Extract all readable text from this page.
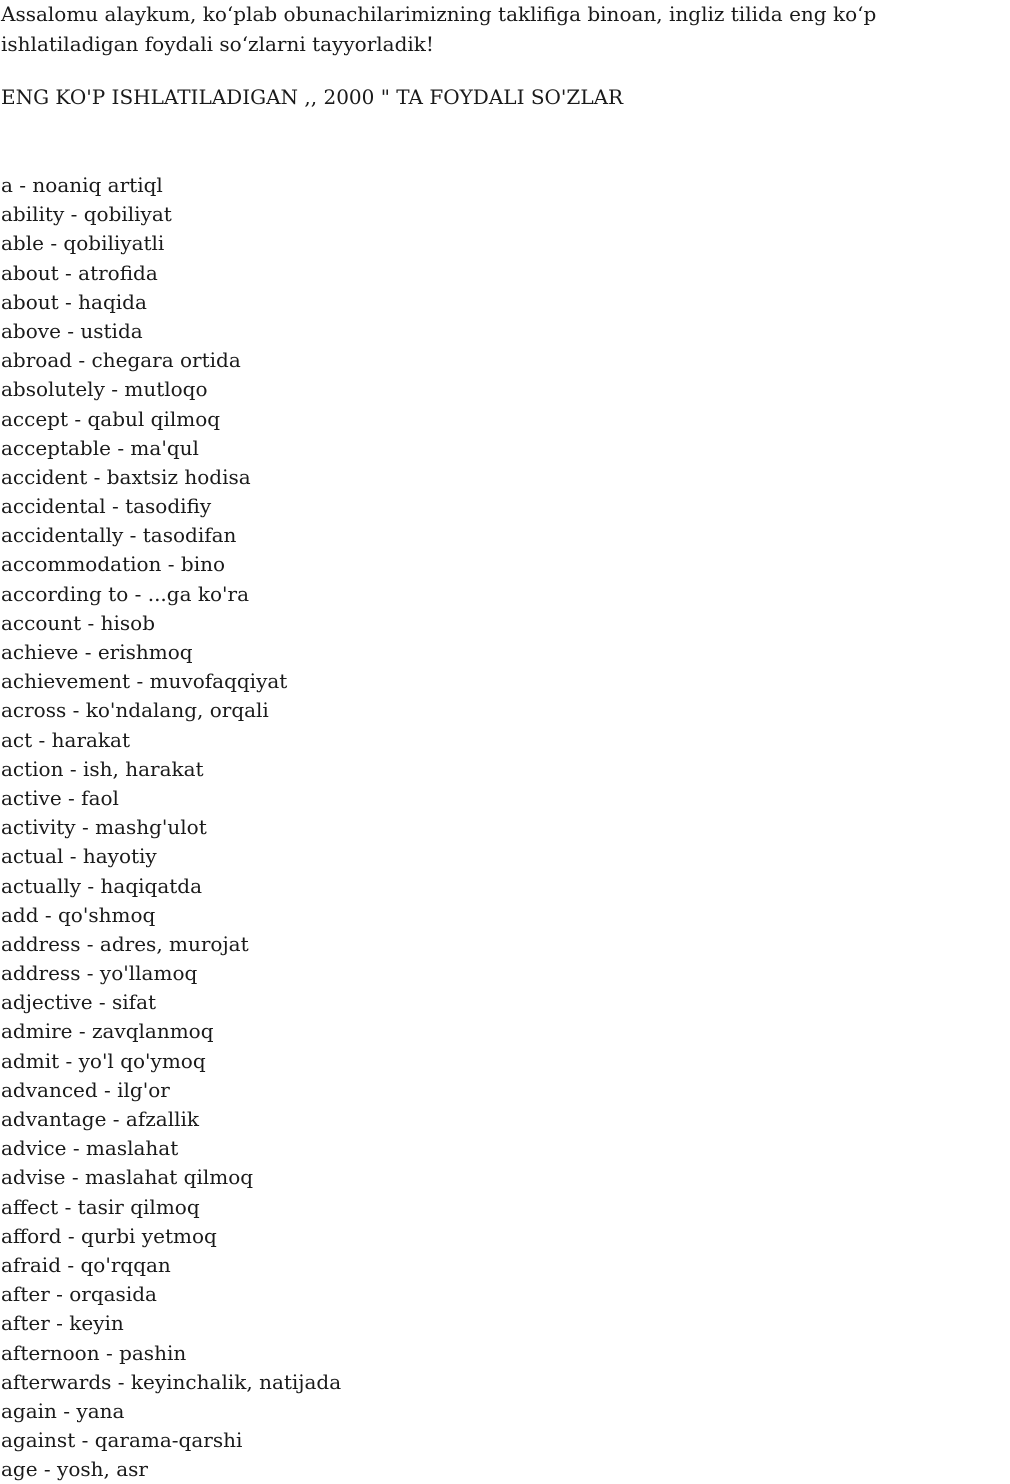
Assalomu alaykum, ko‘plab obunachilarimizning taklifiga binoan, ingliz tilida eng ko‘p ishlatiladigan foydali so‘zlarni tayyorladik!

ENG KO'P ISHLATILADIGAN ,, 2000 " TA FOYDALI SO'ZLAR

a - noaniq artiql
ability - qobiliyat
able - qobiliyatli
about - atrofida
about - haqida
above - ustida
abroad - chegara ortida
absolutely - mutloqo
accept - qabul qilmoq
acceptable - ma'qul
accident - baxtsiz hodisa
accidental - tasodifiy
accidentally - tasodifan
accommodation - bino
according to - ...ga ko'ra
account - hisob
achieve - erishmoq
achievement - muvofaqqiyat
across - ko'ndalang, orqali
act - harakat
action - ish, harakat
active - faol
activity - mashg'ulot
actual - hayotiy
actually - haqiqatda
add - qo'shmoq
address - adres, murojat
address - yo'llamoq
adjective - sifat
admire - zavqlanmoq
admit - yo'l qo'ymoq
advanced - ilg'or
advantage - afzallik
advice - maslahat
advise - maslahat qilmoq
affect - tasir qilmoq
afford - qurbi yetmoq
afraid - qo'rqqan
after - orqasida
after - keyin
afternoon - pashin
afterwards - keyinchalik, natijada
again - yana
against - qarama-qarshi
age - yosh, asr
